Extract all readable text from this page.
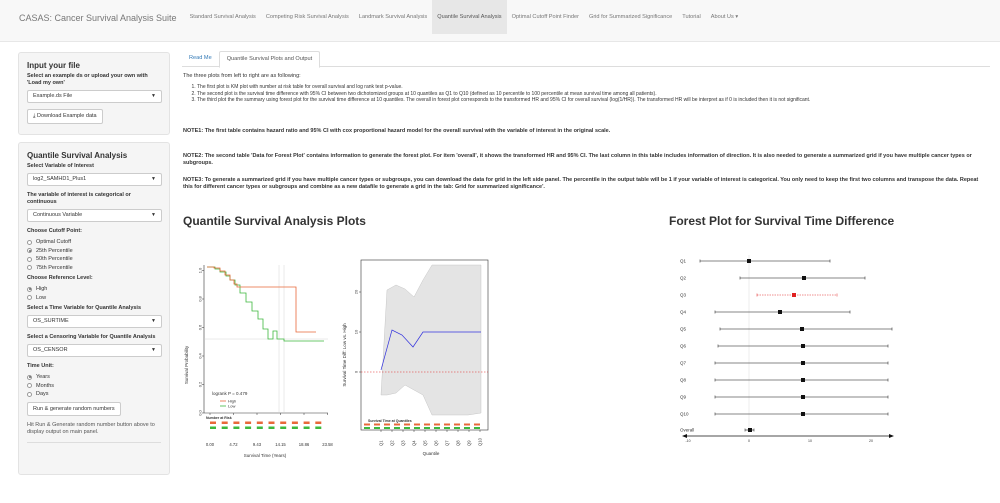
CASAS: Cancer Survival Analysis Suite	Standard Survival Analysis	Competing Risk Survival Analysis	Landmark Survival Analysis	Quantile Survival Analysis	Optimal Cutoff Point Finder	Grid for Summarized Significance	Tutorial	About Us ▾
Input your file
Select an example ds or upload your own with 'Load my own'
Example.ds File	▼
⤓ Download Example data
Quantile Survival Analysis
Select Variable of Interest
log2_SAMHD1_Plus1	▼
The variable of interest is categorical or continuous
Continuous Variable	▼
Choose Cutoff Point:
Optimal Cutoff
25th Percentile
50th Percentile
75th Percentile
Choose Reference Level:
High
Low
Select a Time Variable for Quantile Analysis
OS_SURTIME	▼
Select a Censoring Variable for Quantile Analysis
OS_CENSOR	▼
Time Unit:
Years
Months
Days
Run & generate random numbers
Hit Run & Generate random number button above to display output on main panel.
Read Me	Quantile Survival Plots and Output
The three plots from left to right are as following:
1. The first plot is KM plot with number at risk table for overall survival and log rank test p-value.
2. The second plot is the survival time difference with 95% CI between two dichotomized groups at 10 quantiles as Q1 to Q10 (defined as 10 percentile to 100 percentile at mean survival time among all patients).
3. The third plot the the summary using forest plot for the survival time difference at 10 quantiles. The overall in forest plot corresponds to the transformed HR and 95% CI for overall survival (log(1/HR)). The transformed HR will be interpret as if 0 is included then it is not significant.
NOTE1: The first table contains hazard ratio and 95% CI with cox proportional hazard model for the overall survival with the variable of interest in the original scale.
NOTE2: The second table 'Data for Forest Plot' contains information to generate the forest plot. For item 'overall', it shows the transformed HR and 95% CI. The last column in this table includes information of direction. It is also needed to generate a summarized grid if you have multiple cancer types or subgroups.
NOTE3: To generate a summarized grid if you have multiple cancer types or subgroups, you can download the data for grid in the left side panel. The percentile in the output table will be 1 if your variable of interest is categorical. You only need to keep the first two columns and transpose the data. Repeat this for different cancer types or subgroups and combine as a new datafile to generate a grid in the tab: Grid for summarized significance'.
Quantile Survival Analysis Plots	Forest Plot for Survival Time Difference
Survival Probability
0.0
0.2
0.4
0.6
0.8
1.0
0.00	4.72	9.43	14.15	18.86	23.58
logrank P = 0.479
High
Low
Number at Risk
Survival Time (Years)
Survival Time Diff: Low vs. High 0
10
20
Survival Time at Quantiles
Q1 Q2 Q3 Q4 Q5 Q6 Q7 Q8 Q9 Q10
Quantile
Q1
Q2
Q3
Q4
Q5
Q6
Q7
Q8
Q9
Q10
Overall
-10	0	10	20
